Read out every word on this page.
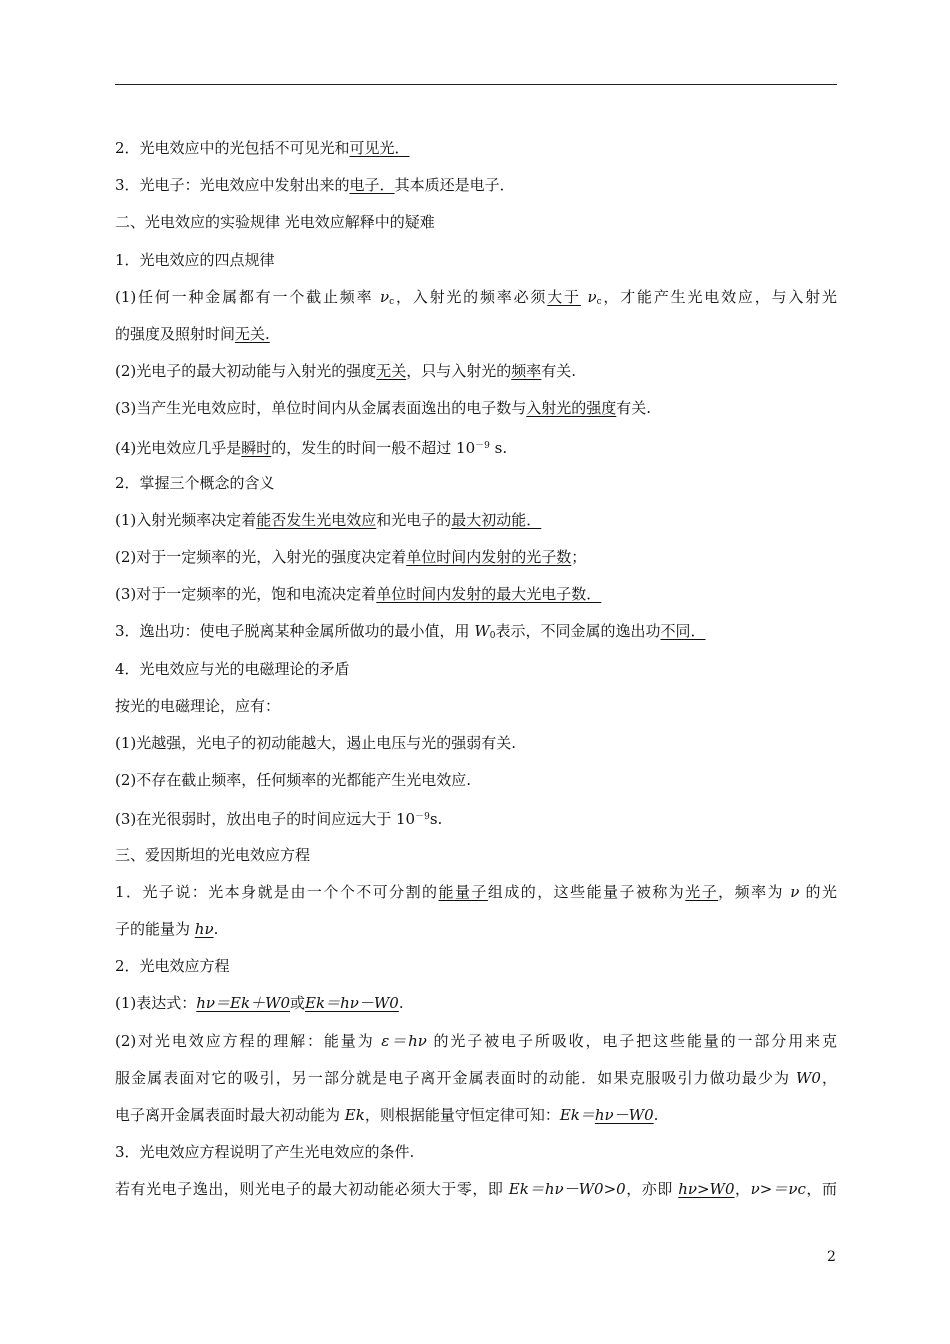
2．光电效应中的光包括不可见光和可见光．
3．光电子：光电效应中发射出来的电子．其本质还是电子．
二、光电效应的实验规律 光电效应解释中的疑难
1．光电效应的四点规律
(1)任何一种金属都有一个截止频率 $\nu_c$，入射光的频率必须大于 $\nu_c$，才能产生光电效应，与入射光
的强度及照射时间无关.
(2)光电子的最大初动能与入射光的强度无关，只与入射光的频率有关.
(3)当产生光电效应时，单位时间内从金属表面逸出的电子数与入射光的强度有关.
(4)光电效应几乎是瞬时的，发生的时间一般不超过 $10^{-9}$ s.
2．掌握三个概念的含义
(1)入射光频率决定着能否发生光电效应和光电子的最大初动能．
(2)对于一定频率的光，入射光的强度决定着单位时间内发射的光子数；
(3)对于一定频率的光，饱和电流决定着单位时间内发射的最大光电子数．
3．逸出功：使电子脱离某种金属所做功的最小值，用 $W_0$表示，不同金属的逸出功不同．
4．光电效应与光的电磁理论的矛盾
按光的电磁理论，应有：
(1)光越强，光电子的初动能越大，遏止电压与光的强弱有关.
(2)不存在截止频率，任何频率的光都能产生光电效应.
(3)在光很弱时，放出电子的时间应远大于 $10^{-9}s$.
三、爱因斯坦的光电效应方程
1．光子说：光本身就是由一个个不可分割的能量子组成的，这些能量子被称为光子，频率为 ν 的光
子的能量为 hν.
2．光电效应方程
(1)表达式：hν＝Ek＋W0或Ek＝hν－W0.
(2)对光电效应方程的理解：能量为 ε＝hν 的光子被电子所吸收，电子把这些能量的一部分用来克
服金属表面对它的吸引，另一部分就是电子离开金属表面时的动能．如果克服吸引力做功最少为 W0，
电子离开金属表面时最大初动能为 Ek，则根据能量守恒定律可知：Ek＝hν－W0.
3．光电效应方程说明了产生光电效应的条件.
若有光电子逸出，则光电子的最大初动能必须大于零，即 Ek＝hν－W0>0，亦即 hν>W0，ν>＝νc，而
2
